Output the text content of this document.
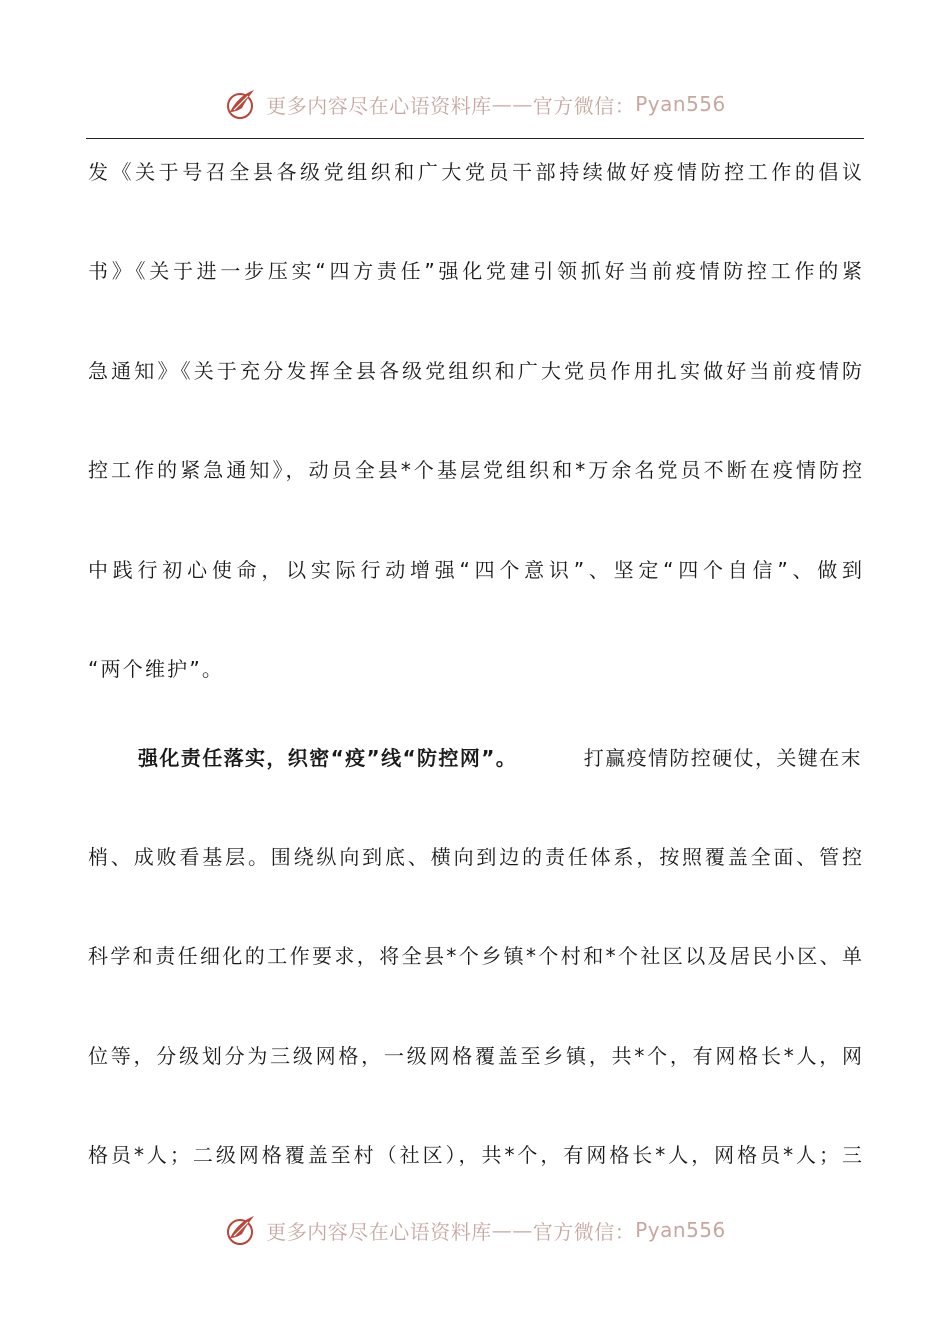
更多内容尽在心语资料库 —— 官方微信： Pyan556
发《关于号召全县各级党组织和广大党员干部持续做好疫情防控工作的倡议
书》《关于进一步压实“四方责任”强化党建引领抓好当前疫情防控工作的紧
急通知》《关于充分发挥全县各级党组织和广大党员作用扎实做好当前疫情防
控工作的紧急通知》，动员全县*个基层党组织和*万余名党员不断在疫情防控
中践行初心使命，以实际行动增强“四个意识”、坚定“四个自信”、做到
“两个维护”。
强化责任落实，织密“疫”线“防控网”。	打赢疫情防控硬仗，关键在末
梢、成败看基层。围绕纵向到底、横向到边的责任体系，按照覆盖全面、管控
科学和责任细化的工作要求，将全县*个乡镇*个村和*个社区以及居民小区、单
位等，分级划分为三级网格，一级网格覆盖至乡镇，共*个，有网格长*人，网
格员*人；二级网格覆盖至村（社区），共*个，有网格长*人，网格员*人；三
更多内容尽在心语资料库 —— 官方微信： Pyan556
